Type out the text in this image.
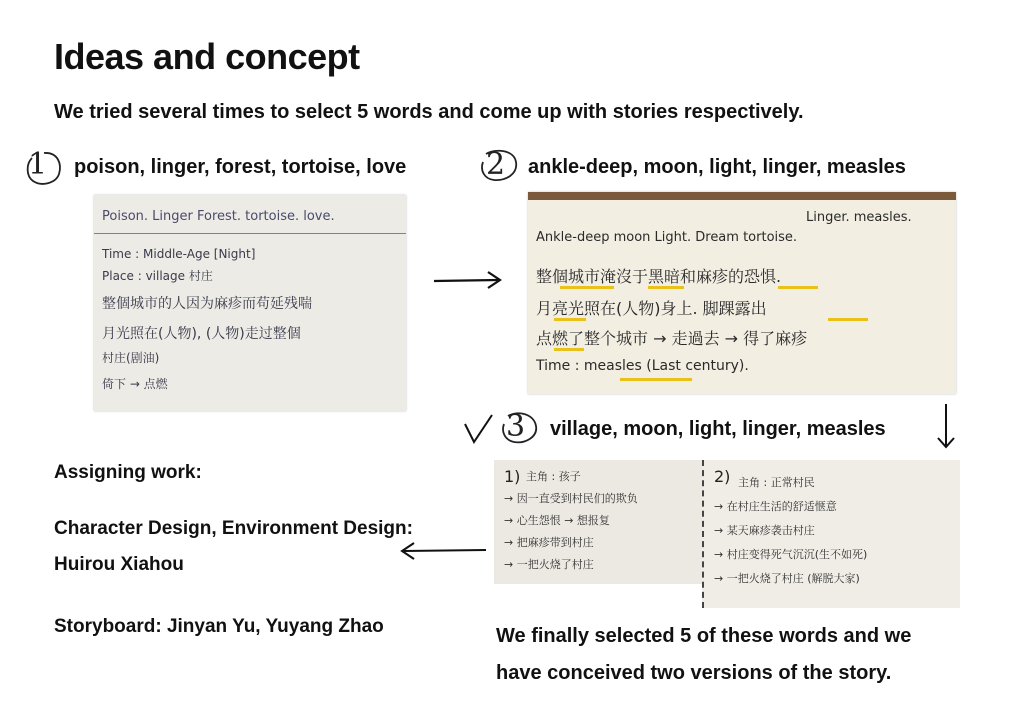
Ideas and concept
We tried several times to select 5 words and come up with stories respectively.
1 poison, linger, forest, tortoise, love	2 ankle-deep, moon, light, linger, measles
Poison. Linger Forest. tortoise. love.
Time : Middle-Age [Night]
Place : village 村庄
整個城市的人因为麻疹而苟延残喘
月光照在(人物), (人物)走过整個
村庄(剧油)
倚下 → 点燃
Linger. measles.
Ankle-deep moon Light. Dream tortoise.
整個城市淹沒于黑暗和麻疹的恐惧.
月亮光照在(人物)身上. 脚踝露出
点燃了整个城市 → 走過去 → 得了麻疹
Time : measles (Last century).
3 village, moon, light, linger, measles
Assigning work:
Character Design, Environment Design:
Huirou Xiahou
Storyboard: Jinyan Yu, Yuyang Zhao
1) 主角 : 孩子
→ 因一直受到村民们的欺负
→ 心生怨恨 → 想报复
→ 把麻疹带到村庄
→ 一把火烧了村庄
2) 主角 : 正常村民
→ 在村庄生活的舒适惬意
→ 某天麻疹袭击村庄
→ 村庄变得死气沉沉(生不如死)
→ 一把火烧了村庄 (解脱大家)
We finally selected 5 of these words and we
have conceived two versions of the story.
